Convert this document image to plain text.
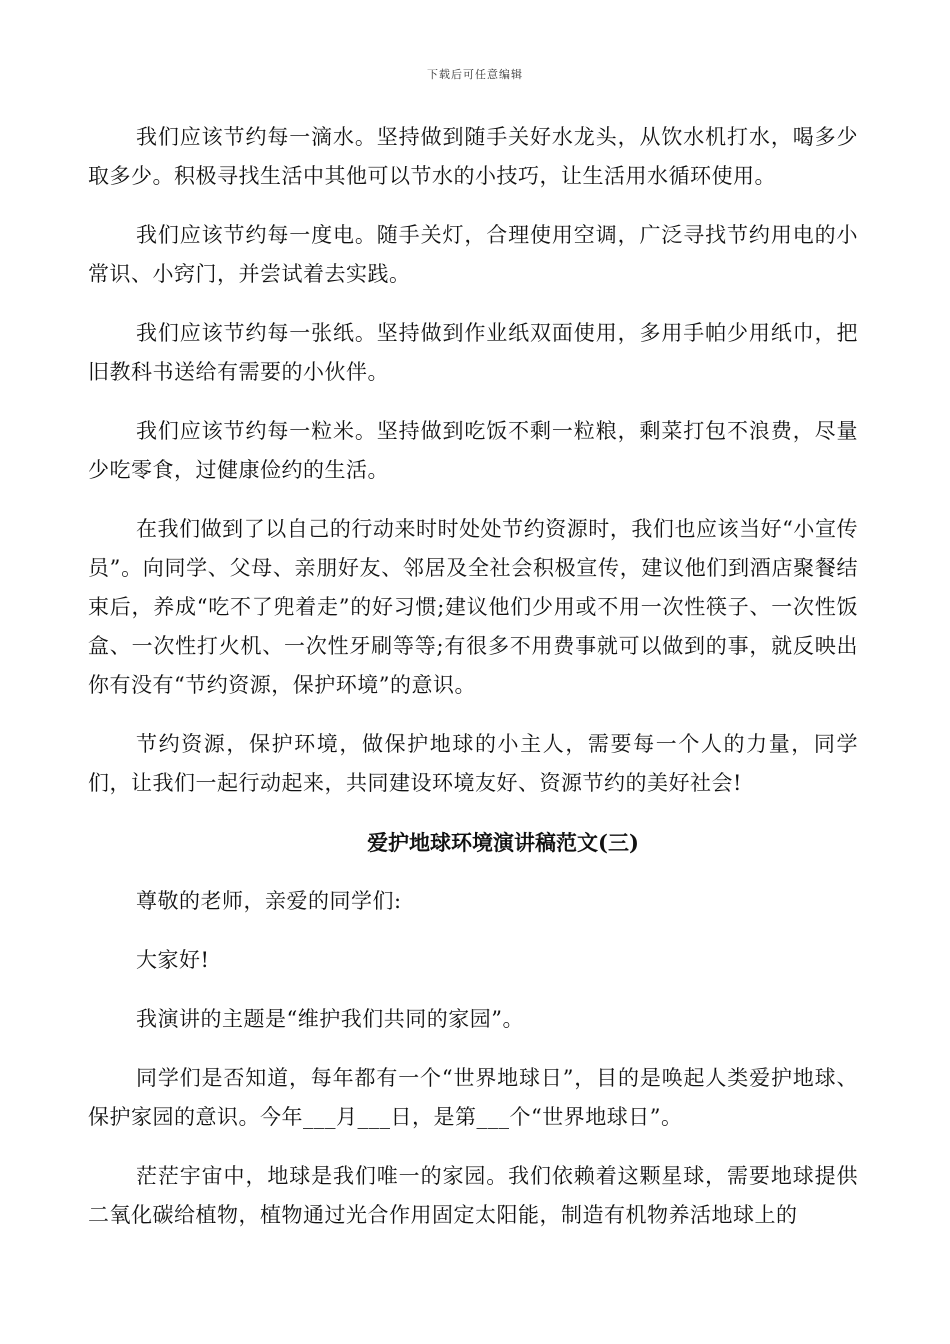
下载后可任意编辑

我们应该节约每一滴水。坚持做到随手关好水龙头，从饮水机打水，喝多少取多少。积极寻找生活中其他可以节水的小技巧，让生活用水循环使用。

我们应该节约每一度电。随手关灯，合理使用空调，广泛寻找节约用电的小常识、小窍门，并尝试着去实践。

我们应该节约每一张纸。坚持做到作业纸双面使用，多用手帕少用纸巾，把旧教科书送给有需要的小伙伴。

我们应该节约每一粒米。坚持做到吃饭不剩一粒粮，剩菜打包不浪费，尽量少吃零食，过健康俭约的生活。

在我们做到了以自己的行动来时时处处节约资源时，我们也应该当好“小宣传员”。向同学、父母、亲朋好友、邻居及全社会积极宣传，建议他们到酒店聚餐结束后，养成“吃不了兜着走”的好习惯;建议他们少用或不用一次性筷子、一次性饭盒、一次性打火机、一次性牙刷等等;有很多不用费事就可以做到的事，就反映出你有没有“节约资源，保护环境”的意识。

节约资源，保护环境，做保护地球的小主人，需要每一个人的力量，同学们，让我们一起行动起来，共同建设环境友好、资源节约的美好社会!

爱护地球环境演讲稿范文(三)

尊敬的老师，亲爱的同学们:

大家好!

我演讲的主题是“维护我们共同的家园”。

同学们是否知道，每年都有一个“世界地球日”，目的是唤起人类爱护地球、保护家园的意识。今年___月___日，是第___个“世界地球日”。

茫茫宇宙中，地球是我们唯一的家园。我们依赖着这颗星球，需要地球提供二氧化碳给植物，植物通过光合作用固定太阳能，制造有机物养活地球上的
